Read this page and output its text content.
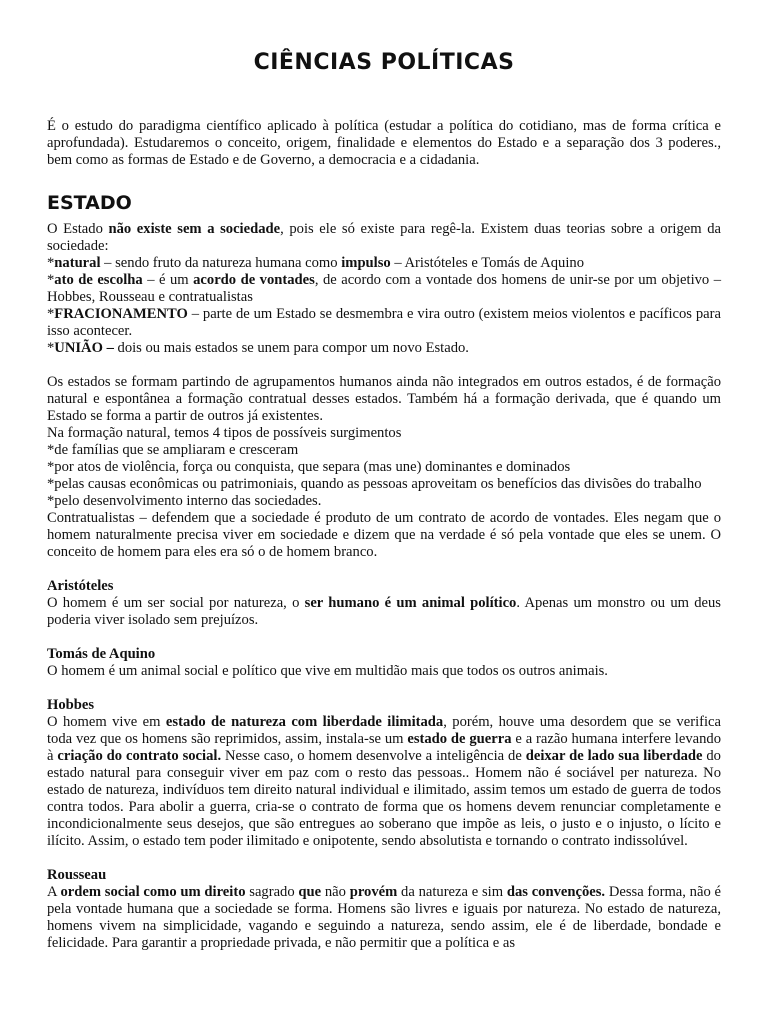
CIÊNCIAS POLÍTICAS

É o estudo do paradigma científico aplicado à política (estudar a política do cotidiano, mas de forma crítica e aprofundada). Estudaremos o conceito, origem, finalidade e elementos do Estado e a separação dos 3 poderes., bem como as formas de Estado e de Governo, a democracia e a cidadania.

ESTADO

O Estado não existe sem a sociedade, pois ele só existe para regê-la. Existem duas teorias sobre a origem da sociedade:

*natural – sendo fruto da natureza humana como impulso – Aristóteles e Tomás de Aquino

*ato de escolha – é um acordo de vontades, de acordo com a vontade dos homens de unir-se por um objetivo – Hobbes, Rousseau e contratualistas

*FRACIONAMENTO – parte de um Estado se desmembra e vira outro (existem meios violentos e pacíficos para isso acontecer.

*UNIÃO – dois ou mais estados se unem para compor um novo Estado.

Os estados se formam partindo de agrupamentos humanos ainda não integrados em outros estados, é de formação natural e espontânea a formação contratual desses estados. Também há a formação derivada, que é quando um Estado se forma a partir de outros já existentes.

Na formação natural, temos 4 tipos de possíveis surgimentos

*de famílias que se ampliaram e cresceram

*por atos de violência, força ou conquista, que separa (mas une) dominantes e dominados

*pelas causas econômicas ou patrimoniais, quando as pessoas aproveitam os benefícios das divisões do trabalho

*pelo desenvolvimento interno das sociedades.

Contratualistas – defendem que a sociedade é produto de um contrato de acordo de vontades. Eles negam que o homem naturalmente precisa viver em sociedade e dizem que na verdade é só pela vontade que eles se unem. O conceito de homem para eles era só o de homem branco.

Aristóteles

O homem é um ser social por natureza, o ser humano é um animal político. Apenas um monstro ou um deus poderia viver isolado sem prejuízos.

Tomás de Aquino

O homem é um animal social e político que vive em multidão mais que todos os outros animais.

Hobbes

O homem vive em estado de natureza com liberdade ilimitada, porém, houve uma desordem que se verifica toda vez que os homens são reprimidos, assim, instala-se um estado de guerra e a razão humana interfere levando à criação do contrato social. Nesse caso, o homem desenvolve a inteligência de deixar de lado sua liberdade do estado natural para conseguir viver em paz com o resto das pessoas.. Homem não é sociável per natureza. No estado de natureza, indivíduos tem direito natural individual e ilimitado, assim temos um estado de guerra de todos contra todos. Para abolir a guerra, cria-se o contrato de forma que os homens devem renunciar completamente e incondicionalmente seus desejos, que são entregues ao soberano que impõe as leis, o justo e o injusto, o lícito e ilícito. Assim, o estado tem poder ilimitado e onipotente, sendo absolutista e tornando o contrato indissolúvel.

Rousseau

A ordem social como um direito sagrado que não provém da natureza e sim das convenções. Dessa forma, não é pela vontade humana que a sociedade se forma. Homens são livres e iguais por natureza. No estado de natureza, homens vivem na simplicidade, vagando e seguindo a natureza, sendo assim, ele é de liberdade, bondade e felicidade. Para garantir a propriedade privada, e não permitir que a política e as
